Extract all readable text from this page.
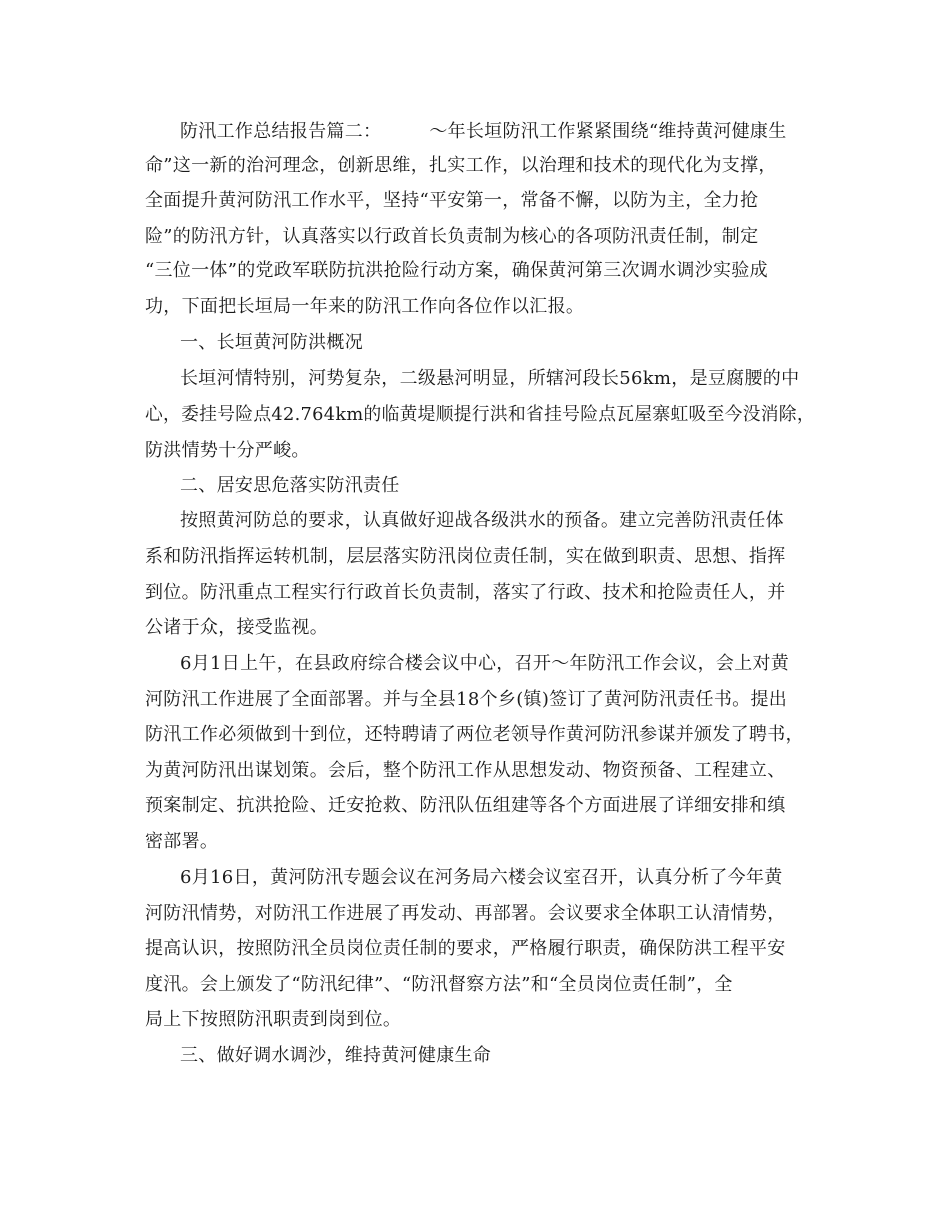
防汛工作总结报告篇二：	～年长垣防汛工作紧紧围绕“维持黄河健康生
命”这一新的治河理念，创新思维，扎实工作，以治理和技术的现代化为支撑，
全面提升黄河防汛工作水平，坚持“平安第一，常备不懈，以防为主，全力抢
险”的防汛方针，认真落实以行政首长负责制为核心的各项防汛责任制，制定
“三位一体”的党政军联防抗洪抢险行动方案，确保黄河第三次调水调沙实验成
功，下面把长垣局一年来的防汛工作向各位作以汇报。
一、长垣黄河防洪概况
长垣河情特别，河势复杂，二级悬河明显，所辖河段长56km，是豆腐腰的中
心，委挂号险点42.764km的临黄堤顺提行洪和省挂号险点瓦屋寨虹吸至今没消除，
防洪情势十分严峻。
二、居安思危落实防汛责任
按照黄河防总的要求，认真做好迎战各级洪水的预备。建立完善防汛责任体
系和防汛指挥运转机制，层层落实防汛岗位责任制，实在做到职责、思想、指挥
到位。防汛重点工程实行行政首长负责制，落实了行政、技术和抢险责任人，并
公诸于众，接受监视。
6月1日上午，在县政府综合楼会议中心，召开～年防汛工作会议，会上对黄
河防汛工作进展了全面部署。并与全县18个乡(镇)签订了黄河防汛责任书。提出
防汛工作必须做到十到位，还特聘请了两位老领导作黄河防汛参谋并颁发了聘书，
为黄河防汛出谋划策。会后，整个防汛工作从思想发动、物资预备、工程建立、
预案制定、抗洪抢险、迁安抢救、防汛队伍组建等各个方面进展了详细安排和缜
密部署。
6月16日，黄河防汛专题会议在河务局六楼会议室召开，认真分析了今年黄
河防汛情势，对防汛工作进展了再发动、再部署。会议要求全体职工认清情势，
提高认识，按照防汛全员岗位责任制的要求，严格履行职责，确保防洪工程平安
度汛。会上颁发了“防汛纪律”、“防汛督察方法”和“全员岗位责任制”，全
局上下按照防汛职责到岗到位。
三、做好调水调沙，维持黄河健康生命
